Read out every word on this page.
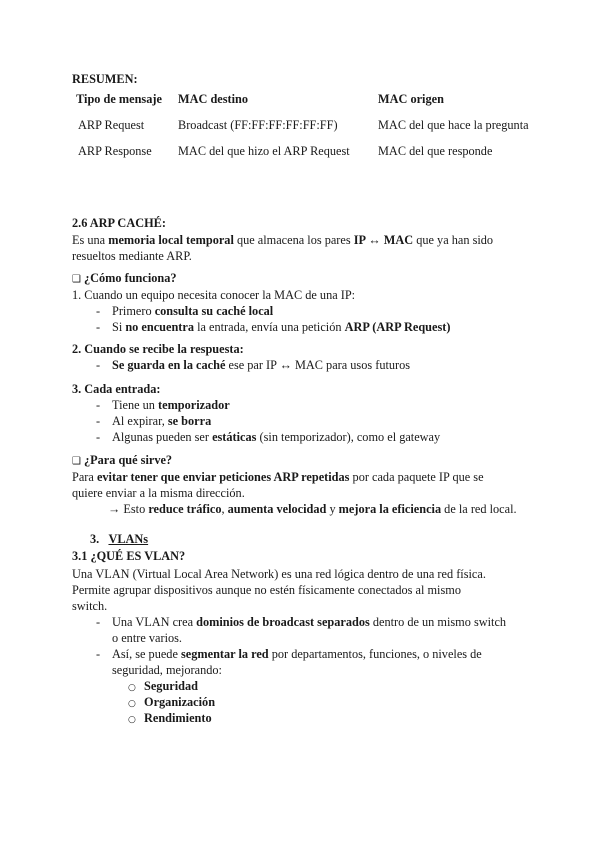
RESUMEN:
Tipo de mensaje	MAC destino	MAC origen

ARP Request	Broadcast (FF:FF:FF:FF:FF:FF)	MAC del que hace la pregunta

ARP Response	MAC del que hizo el ARP Request	MAC del que responde
2.6 ARP CACHÉ:
Es una memoria local temporal que almacena los pares IP ↔ MAC que ya han sido
resueltos mediante ARP.
❑ ¿Cómo funciona?
1. Cuando un equipo necesita conocer la MAC de una IP:
- Primero consulta su caché local
- Si no encuentra la entrada, envía una petición ARP (ARP Request)
2. Cuando se recibe la respuesta:
- Se guarda en la caché ese par IP ↔ MAC para usos futuros
3. Cada entrada:
- Tiene un temporizador
- Al expirar, se borra
- Algunas pueden ser estáticas (sin temporizador), como el gateway
❑ ¿Para qué sirve?
Para evitar tener que enviar peticiones ARP repetidas por cada paquete IP que se
quiere enviar a la misma dirección.
→ Esto reduce tráfico, aumenta velocidad y mejora la eficiencia de la red local.
3. VLANs
3.1 ¿QUÉ ES VLAN?
Una VLAN (Virtual Local Area Network) es una red lógica dentro de una red física.
Permite agrupar dispositivos aunque no estén físicamente conectados al mismo
switch.
- Una VLAN crea dominios de broadcast separados dentro de un mismo switch
o entre varios.
- Así, se puede segmentar la red por departamentos, funciones, o niveles de
seguridad, mejorando:
○ Seguridad
○ Organización
○ Rendimiento
